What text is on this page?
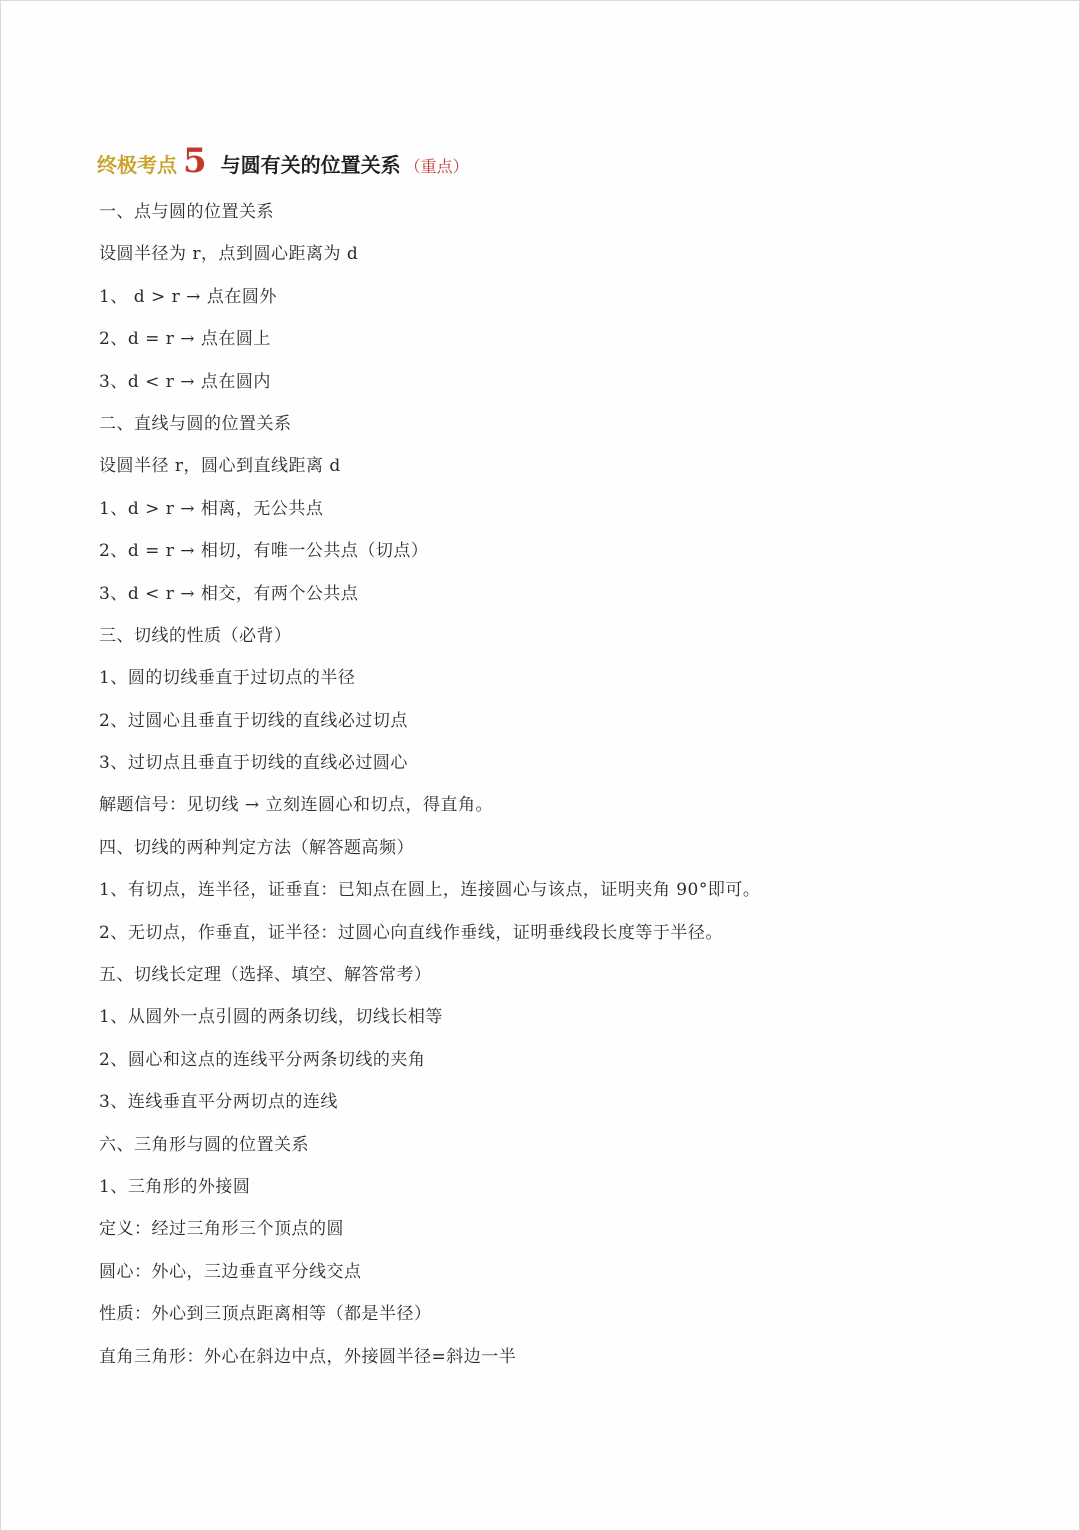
终极考点 5 与圆有关的位置关系 （重点）
一、点与圆的位置关系
设圆半径为 r，点到圆心距离为 d
1、 d > r → 点在圆外
2、d = r → 点在圆上
3、d < r → 点在圆内
二、直线与圆的位置关系
设圆半径 r，圆心到直线距离 d
1、d > r → 相离，无公共点
2、d = r → 相切，有唯一公共点（切点）
3、d < r → 相交，有两个公共点
三、切线的性质（必背）
1、圆的切线垂直于过切点的半径
2、过圆心且垂直于切线的直线必过切点
3、过切点且垂直于切线的直线必过圆心
解题信号：见切线 → 立刻连圆心和切点，得直角。
四、切线的两种判定方法（解答题高频）
1、有切点，连半径，证垂直：已知点在圆上，连接圆心与该点，证明夹角 90°即可。
2、无切点，作垂直，证半径：过圆心向直线作垂线，证明垂线段长度等于半径。
五、切线长定理（选择、填空、解答常考）
1、从圆外一点引圆的两条切线，切线长相等
2、圆心和这点的连线平分两条切线的夹角
3、连线垂直平分两切点的连线
六、三角形与圆的位置关系
1、三角形的外接圆
定义：经过三角形三个顶点的圆
圆心：外心，三边垂直平分线交点
性质：外心到三顶点距离相等（都是半径）
直角三角形：外心在斜边中点，外接圆半径=斜边一半
